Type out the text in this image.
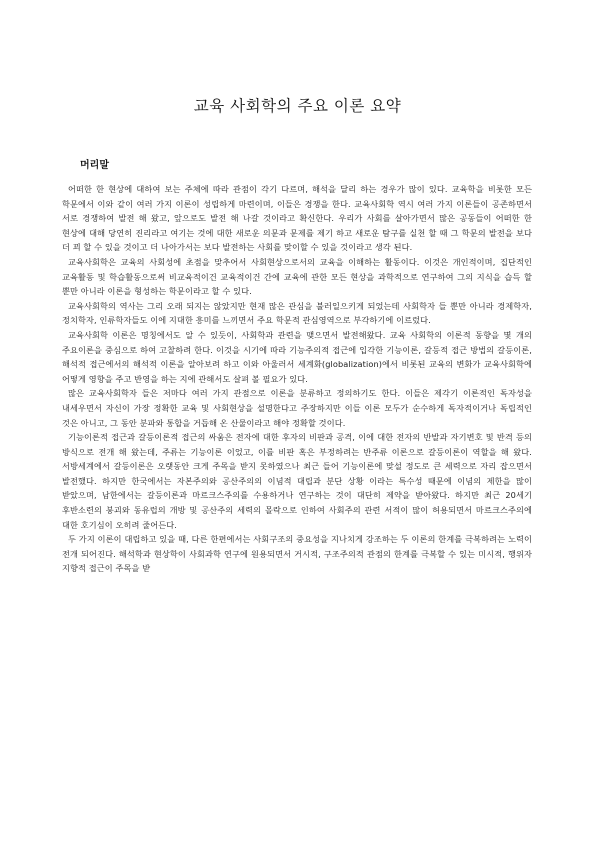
교육 사회학의 주요 이론 요약
머리말

어떠한 한 현상에 대하여 보는 주체에 따라 관점이 각기 다르며, 해석을 달리 하는 경우가 많이 있다. 교육학을 비롯한 모든 학문에서 이와 같이 여러 가지 이론이 성립하게 마련이며, 이들은 경쟁을 한다. 교육사회학 역시 여러 가지 이론들이 공존하면서 서로 경쟁하여 발전 해 왔고, 앞으로도 발전 해 나갈 것이라고 확신한다. 우리가 사회를 살아가면서 많은 공동들이 어떠한 한 현상에 대해 당연히 진리라고 여기는 것에 대한 새로운 의문과 문제를 제기 하고 새로운 탐구를 실천 할 때 그 학문의 발전을 보다 더 꾀 할 수 있을 것이고 더 나아가서는 보다 발전하는 사회를 맞이할 수 있을 것이라고 생각 된다.

교육사회학은 교육의 사회성에 초점을 맞추어서 사회현상으로서의 교육을 이해하는 활동이다. 이것은 개인적이며, 집단적인 교육활동 및 학습활동으로써 비교육적이건 교육적이건 간에 교육에 관한 모든 현상을 과학적으로 연구하여 그의 지식을 습득 할 뿐만 아니라 이론을 형성하는 학문이라고 할 수 있다.

교육사회학의 역사는 그리 오래 되지는 않았지만 현재 많은 관심을 불러일으키게 되었는데 사회학자 들 뿐만 아니라 경제학자, 정치학자, 인류학자들도 이에 지대한 흥미를 느끼면서 주요 학문적 관심영역으로 부각하기에 이르렀다.

교육사회학 이론은 명칭에서도 알 수 있듯이, 사회학과 관련을 맺으면서 발전해왔다. 교육 사회학의 이론적 동향을 몇 개의 주요이론을 중심으로 하여 고찰하려 한다. 이것을 시기에 따라 기능주의적 접근에 입각한 기능이론, 갈등적 접근 방법의 갈등이론, 해석적 접근에서의 해석적 이론을 알아보려 하고 이와 아울러서 세계화(globalization)에서 비롯된 교육의 변화가 교육사회학에 어떻게 영향을 주고 반영을 하는 지에 관해서도 살펴 볼 필요가 있다.

많은 교육사회학자 들은 저마다 여러 가지 관점으로 이론을 분류하고 정의하기도 한다. 이들은 제각기 이론적인 독자성을 내세우면서 자신이 가장 정확한 교육 및 사회현상을 설명한다고 주장하지만 이들 이론 모두가 순수하게 독자적이거나 독립적인 것은 아니고, 그 동안 분파와 통합을 거듭해 온 산물이라고 해야 정확할 것이다.

기능이론적 접근과 갈등이론적 접근의 싸움은 전자에 대한 후자의 비판과 공격, 이에 대한 전자의 반발과 자기변호 및 반격 등의 방식으로 전개 해 왔는데, 주류는 기능이론 이었고, 이를 비판 혹은 부정하려는 반주류 이론으로 갈등이론이 역할을 해 왔다. 서방세계에서 갈등이론은 오랫동안 크게 주목을 받지 못하였으나 최근 들어 기능이론에 맞설 정도로 큰 세력으로 자리 잡으면서 발전했다. 하지만 한국에서는 자본주의와 공산주의의 이념적 대립과 분단 상황 이라는 특수성 때문에 이념의 제한을 많이 받았으며, 남한에서는 갈등이론과 마르크스주의를 수용하거나 연구하는 것이 대단히 제약을 받아왔다. 하지만 최근 20세기 후반소련의 붕괴와 동유럽의 개방 및 공산주의 세력의 몰락으로 인하여 사회주의 관련 서적이 많이 허용되면서 마르크스주의에 대한 호기심이 오히려 줄어든다.

두 가지 이론이 대립하고 있을 때, 다른 한편에서는 사회구조의 중요성을 지나치게 강조하는 두 이론의 한계를 극복하려는 노력이 전개 되어진다. 해석학과 현상학이 사회과학 연구에 원용되면서 거시적, 구조주의적 관점의 한계를 극복할 수 있는 미시적, 행위자 지향적 접근이 주목을 받
